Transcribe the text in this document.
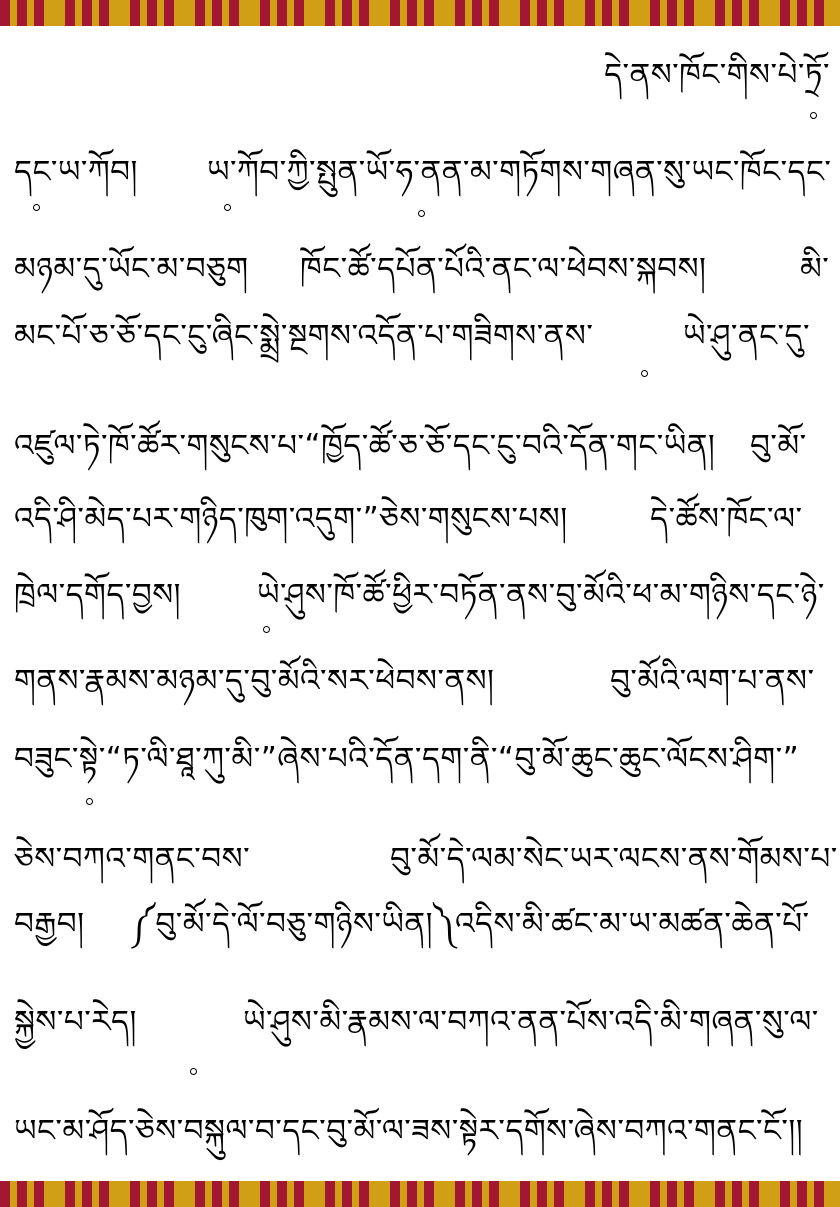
དེ་ནས་ཁོང་གིས་པེ་ཏྲོ་
དང་ཡ་ཀོབ། ཡ་ཀོབ་ཀྱི་སྤུན་ཡོ་ཧ་ནན་མ་གཏོགས་གཞན་སུ་ཡང་ཁོང་དང་
མཉམ་དུ་ཡོང་མ་བཅུག ཁོང་ཚོ་དཔོན་པོའི་ནང་ལ་ཕེབས་སྐབས།	མི་
མང་པོ་ཅ་ཅོ་དང་ངུ་ཞིང་སྨྲེ་སྔགས་འདོན་པ་གཟིགས་ནས་	ཡེ་ཤུ་ནང་དུ་
འཛུལ་ཏེ་ཁོ་ཚོར་གསུངས་པ་“ཁྱོད་ཚོ་ཅ་ཅོ་དང་ངུ་བའི་དོན་གང་ཡིན། བུ་མོ་
འདི་ཤི་མེད་པར་གཉིད་ཁུག་འདུག་”ཅེས་གསུངས་པས།	དེ་ཚོས་ཁོང་ལ་
ཁྲེལ་དགོད་བྱས། ཡེ་ཤུས་ཁོ་ཚོ་ཕྱིར་བཏོན་ནས་བུ་མོའི་ཕ་མ་གཉིས་དང་ཉེ་
གནས་རྣམས་མཉམ་དུ་བུ་མོའི་སར་ཕེབས་ནས།	བུ་མོའི་ལག་པ་ནས་
བཟུང་སྟེ་“ཏ་ལི་ཐཱ་ཀུ་མི་”ཞེས་པའི་དོན་དག་ནི་“བུ་མོ་ཆུང་ཆུང་ལོངས་ཤིག་”
ཅེས་བཀའ་གནང་བས་	བུ་མོ་དེ་ལམ་སེང་ཡར་ལངས་ནས་གོམས་པ་
བརྒྱབ། ༼བུ་མོ་དེ་ལོ་བཅུ་གཉིས་ཡིན།༽ འདིས་མི་ཚང་མ་ཡ་མཚན་ཆེན་པོ་
སྐྱེས་པ་རེད།	ཡེ་ཤུས་མི་རྣམས་ལ་བཀའ་ནན་པོས་འདི་མི་གཞན་སུ་ལ་
ཡང་མ་ཤོད་ཅེས་བསྐུལ་བ་དང་བུ་མོ་ལ་ཟས་སྟེར་དགོས་ཞེས་བཀའ་གནང་ངོ་།།
